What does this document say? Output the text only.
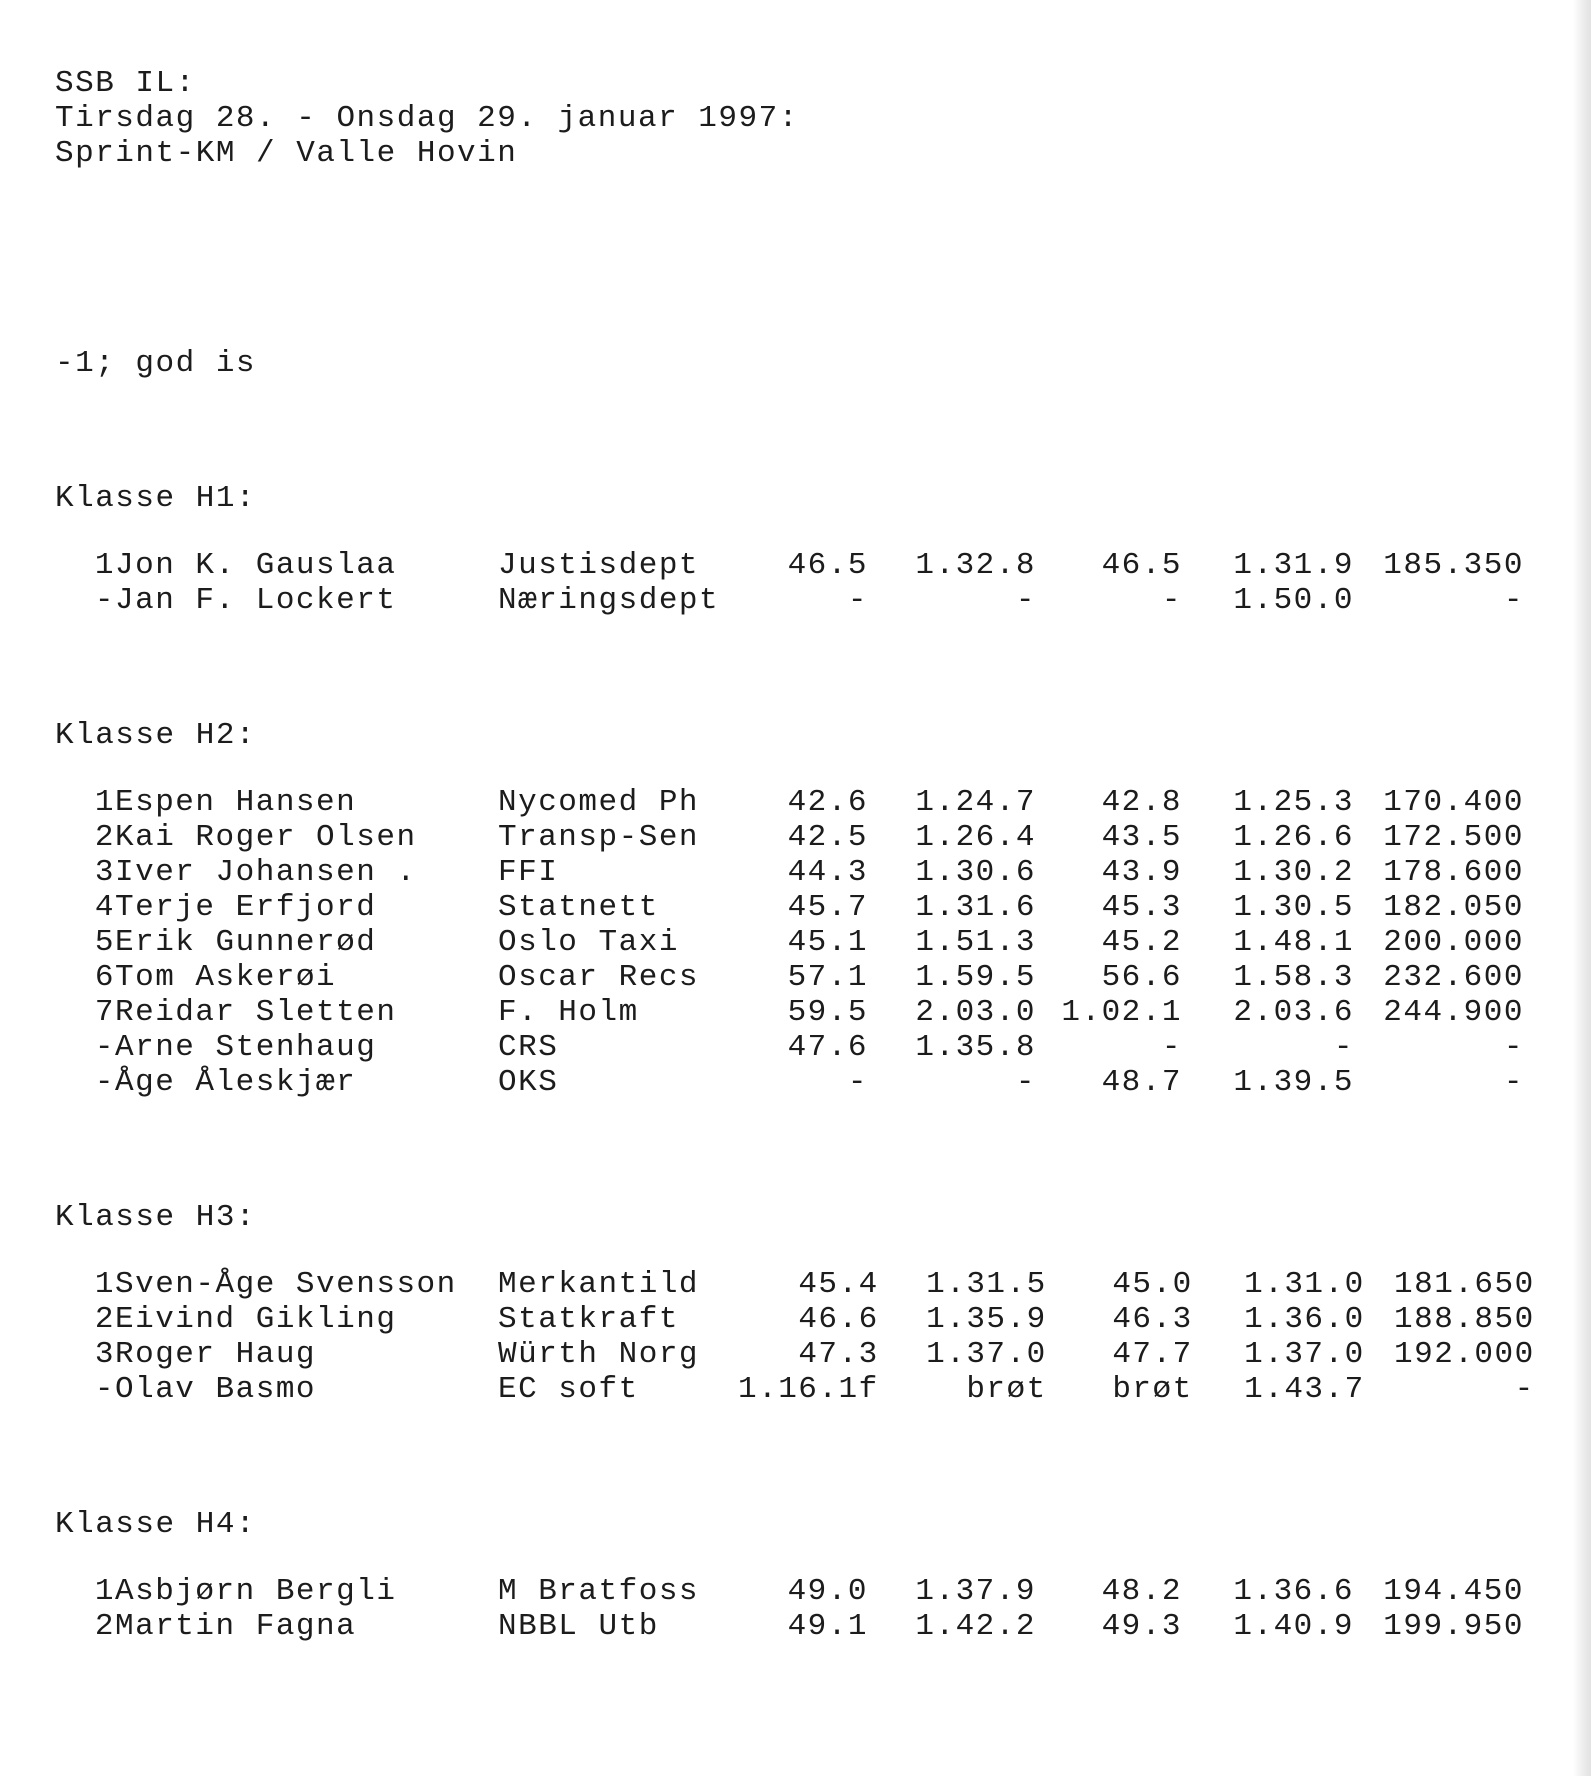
SSB IL:
Tirsdag 28. - Onsdag 29. januar 1997:
Sprint-KM / Valle Hovin
-1; god is
Klasse H1:
1	Jon K. Gauslaa	Justisdept	46.5	1.32.8	46.5	1.31.9	185.350
-	Jan F. Lockert	Næringsdept	-	-	-	1.50.0	-
Klasse H2:
1	Espen Hansen	Nycomed Ph	42.6	1.24.7	42.8	1.25.3	170.400
2	Kai Roger Olsen	Transp-Sen	42.5	1.26.4	43.5	1.26.6	172.500
3	Iver Johansen .	FFI	44.3	1.30.6	43.9	1.30.2	178.600
4	Terje Erfjord	Statnett	45.7	1.31.6	45.3	1.30.5	182.050
5	Erik Gunnerød	Oslo Taxi	45.1	1.51.3	45.2	1.48.1	200.000
6	Tom Askerøi	Oscar Recs	57.1	1.59.5	56.6	1.58.3	232.600
7	Reidar Sletten	F. Holm	59.5	2.03.0	1.02.1	2.03.6	244.900
-	Arne Stenhaug	CRS	47.6	1.35.8	-	-	-
-	Åge Åleskjær	OKS	-	-	48.7	1.39.5	-
Klasse H3:
1	Sven-Åge Svensson	Merkantild	45.4	1.31.5	45.0	1.31.0	181.650
2	Eivind Gikling	Statkraft	46.6	1.35.9	46.3	1.36.0	188.850
3	Roger Haug	Würth Norg	47.3	1.37.0	47.7	1.37.0	192.000
-	Olav Basmo	EC soft	1.16.1f	brøt	brøt	1.43.7	-
Klasse H4:
1	Asbjørn Bergli	M Bratfoss	49.0	1.37.9	48.2	1.36.6	194.450
2	Martin Fagna	NBBL Utb	49.1	1.42.2	49.3	1.40.9	199.950
